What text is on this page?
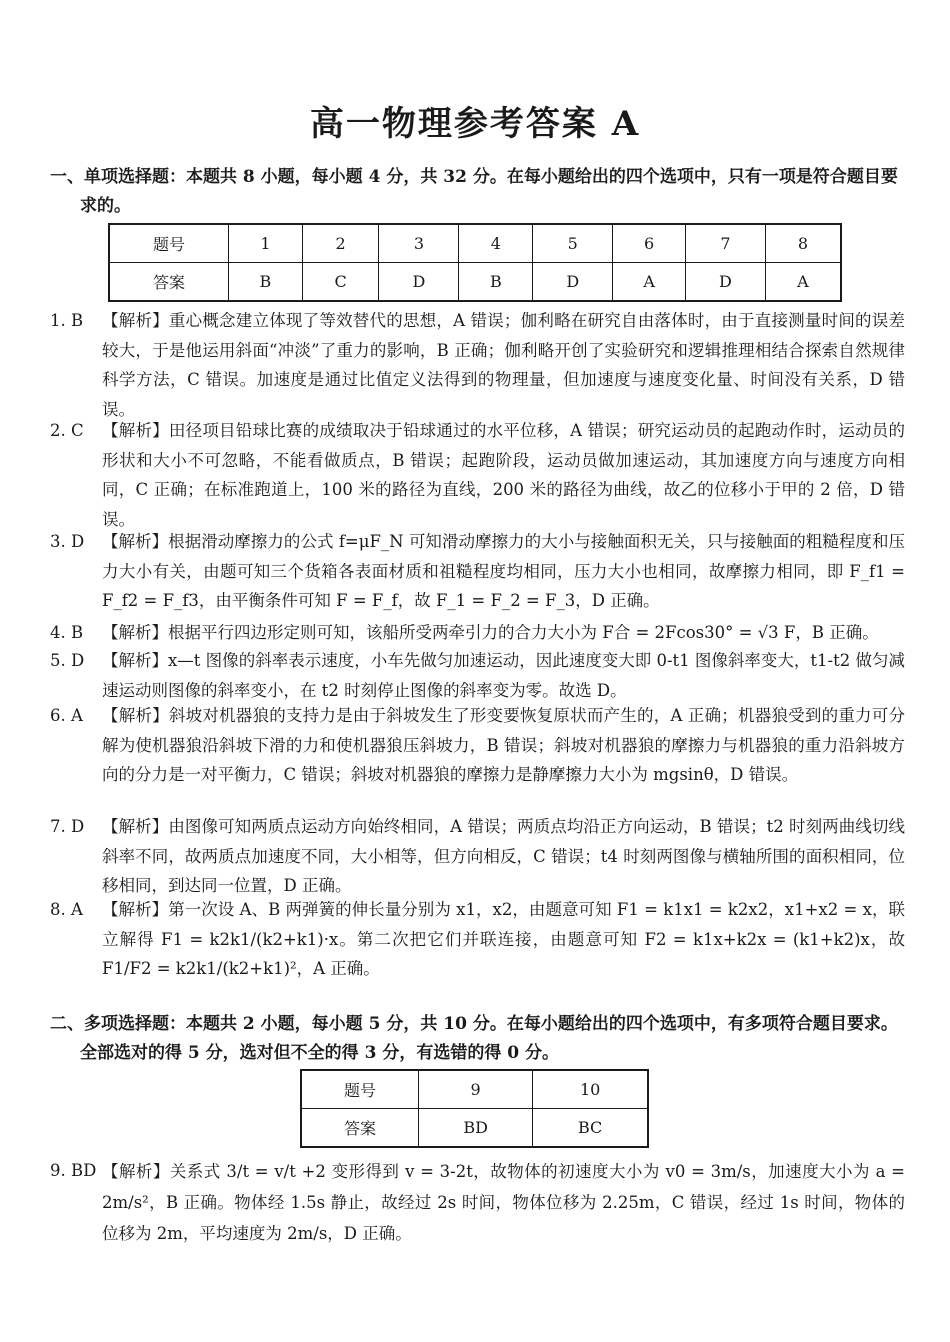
高一物理参考答案 A
一、单项选择题：本题共 8 小题，每小题 4 分，共 32 分。在每小题给出的四个选项中，只有一项是符合题目要求的。
题号	1	2	3	4	5	6	7	8
答案	B	C	D	B	D	A	D	A
1. B	【解析】重心概念建立体现了等效替代的思想，A 错误；伽利略在研究自由落体时，由于直接测量时间的误差较大，于是他运用斜面“冲淡”了重力的影响，B 正确；伽利略开创了实验研究和逻辑推理相结合探索自然规律科学方法，C 错误。加速度是通过比值定义法得到的物理量，但加速度与速度变化量、时间没有关系，D 错误。
2. C	【解析】田径项目铅球比赛的成绩取决于铅球通过的水平位移，A 错误；研究运动员的起跑动作时，运动员的形状和大小不可忽略，不能看做质点，B 错误；起跑阶段，运动员做加速运动，其加速度方向与速度方向相同，C 正确；在标准跑道上，100 米的路径为直线，200 米的路径为曲线，故乙的位移小于甲的 2 倍，D 错误。
3. D	【解析】根据滑动摩擦力的公式 f=μF_N 可知滑动摩擦力的大小与接触面积无关，只与接触面的粗糙程度和压力大小有关，由题可知三个货箱各表面材质和祖糙程度均相同，压力大小也相同，故摩擦力相同，即 F_f1 = F_f2 = F_f3，由平衡条件可知 F = F_f，故 F_1 = F_2 = F_3，D 正确。
4. B	【解析】根据平行四边形定则可知，该船所受两牵引力的合力大小为 F合 = 2Fcos30° = √3 F，B 正确。
5. D	【解析】x—t 图像的斜率表示速度，小车先做匀加速运动，因此速度变大即 0-t1 图像斜率变大，t1-t2 做匀减速运动则图像的斜率变小，在 t2 时刻停止图像的斜率变为零。故选 D。
6. A	【解析】斜坡对机器狼的支持力是由于斜坡发生了形变要恢复原状而产生的，A 正确；机器狼受到的重力可分解为使机器狼沿斜坡下滑的力和使机器狼压斜坡力，B 错误；斜坡对机器狼的摩擦力与机器狼的重力沿斜坡方向的分力是一对平衡力，C 错误；斜坡对机器狼的摩擦力是静摩擦力大小为 mgsinθ，D 错误。
7. D	【解析】由图像可知两质点运动方向始终相同，A 错误；两质点均沿正方向运动，B 错误；t2 时刻两曲线切线斜率不同，故两质点加速度不同，大小相等，但方向相反，C 错误；t4 时刻两图像与横轴所围的面积相同，位移相同，到达同一位置，D 正确。
8. A	【解析】第一次设 A、B 两弹簧的伸长量分别为 x1，x2，由题意可知 F1 = k1x1 = k2x2，x1+x2 = x，联立解得 F1 = k2k1/(k2+k1)·x。第二次把它们并联连接，由题意可知 F2 = k1x+k2x = (k1+k2)x，故 F1/F2 = k2k1/(k2+k1)²，A 正确。
二、多项选择题：本题共 2 小题，每小题 5 分，共 10 分。在每小题给出的四个选项中，有多项符合题目要求。全部选对的得 5 分，选对但不全的得 3 分，有选错的得 0 分。
题号	9	10
答案	BD	BC
9. BD 【解析】关系式 3/t = v/t +2 变形得到 v = 3-2t，故物体的初速度大小为 v0 = 3m/s，加速度大小为 a = 2m/s²，B 正确。物体经 1.5s 静止，故经过 2s 时间，物体位移为 2.25m，C 错误，经过 1s 时间，物体的位移为 2m，平均速度为 2m/s，D 正确。
